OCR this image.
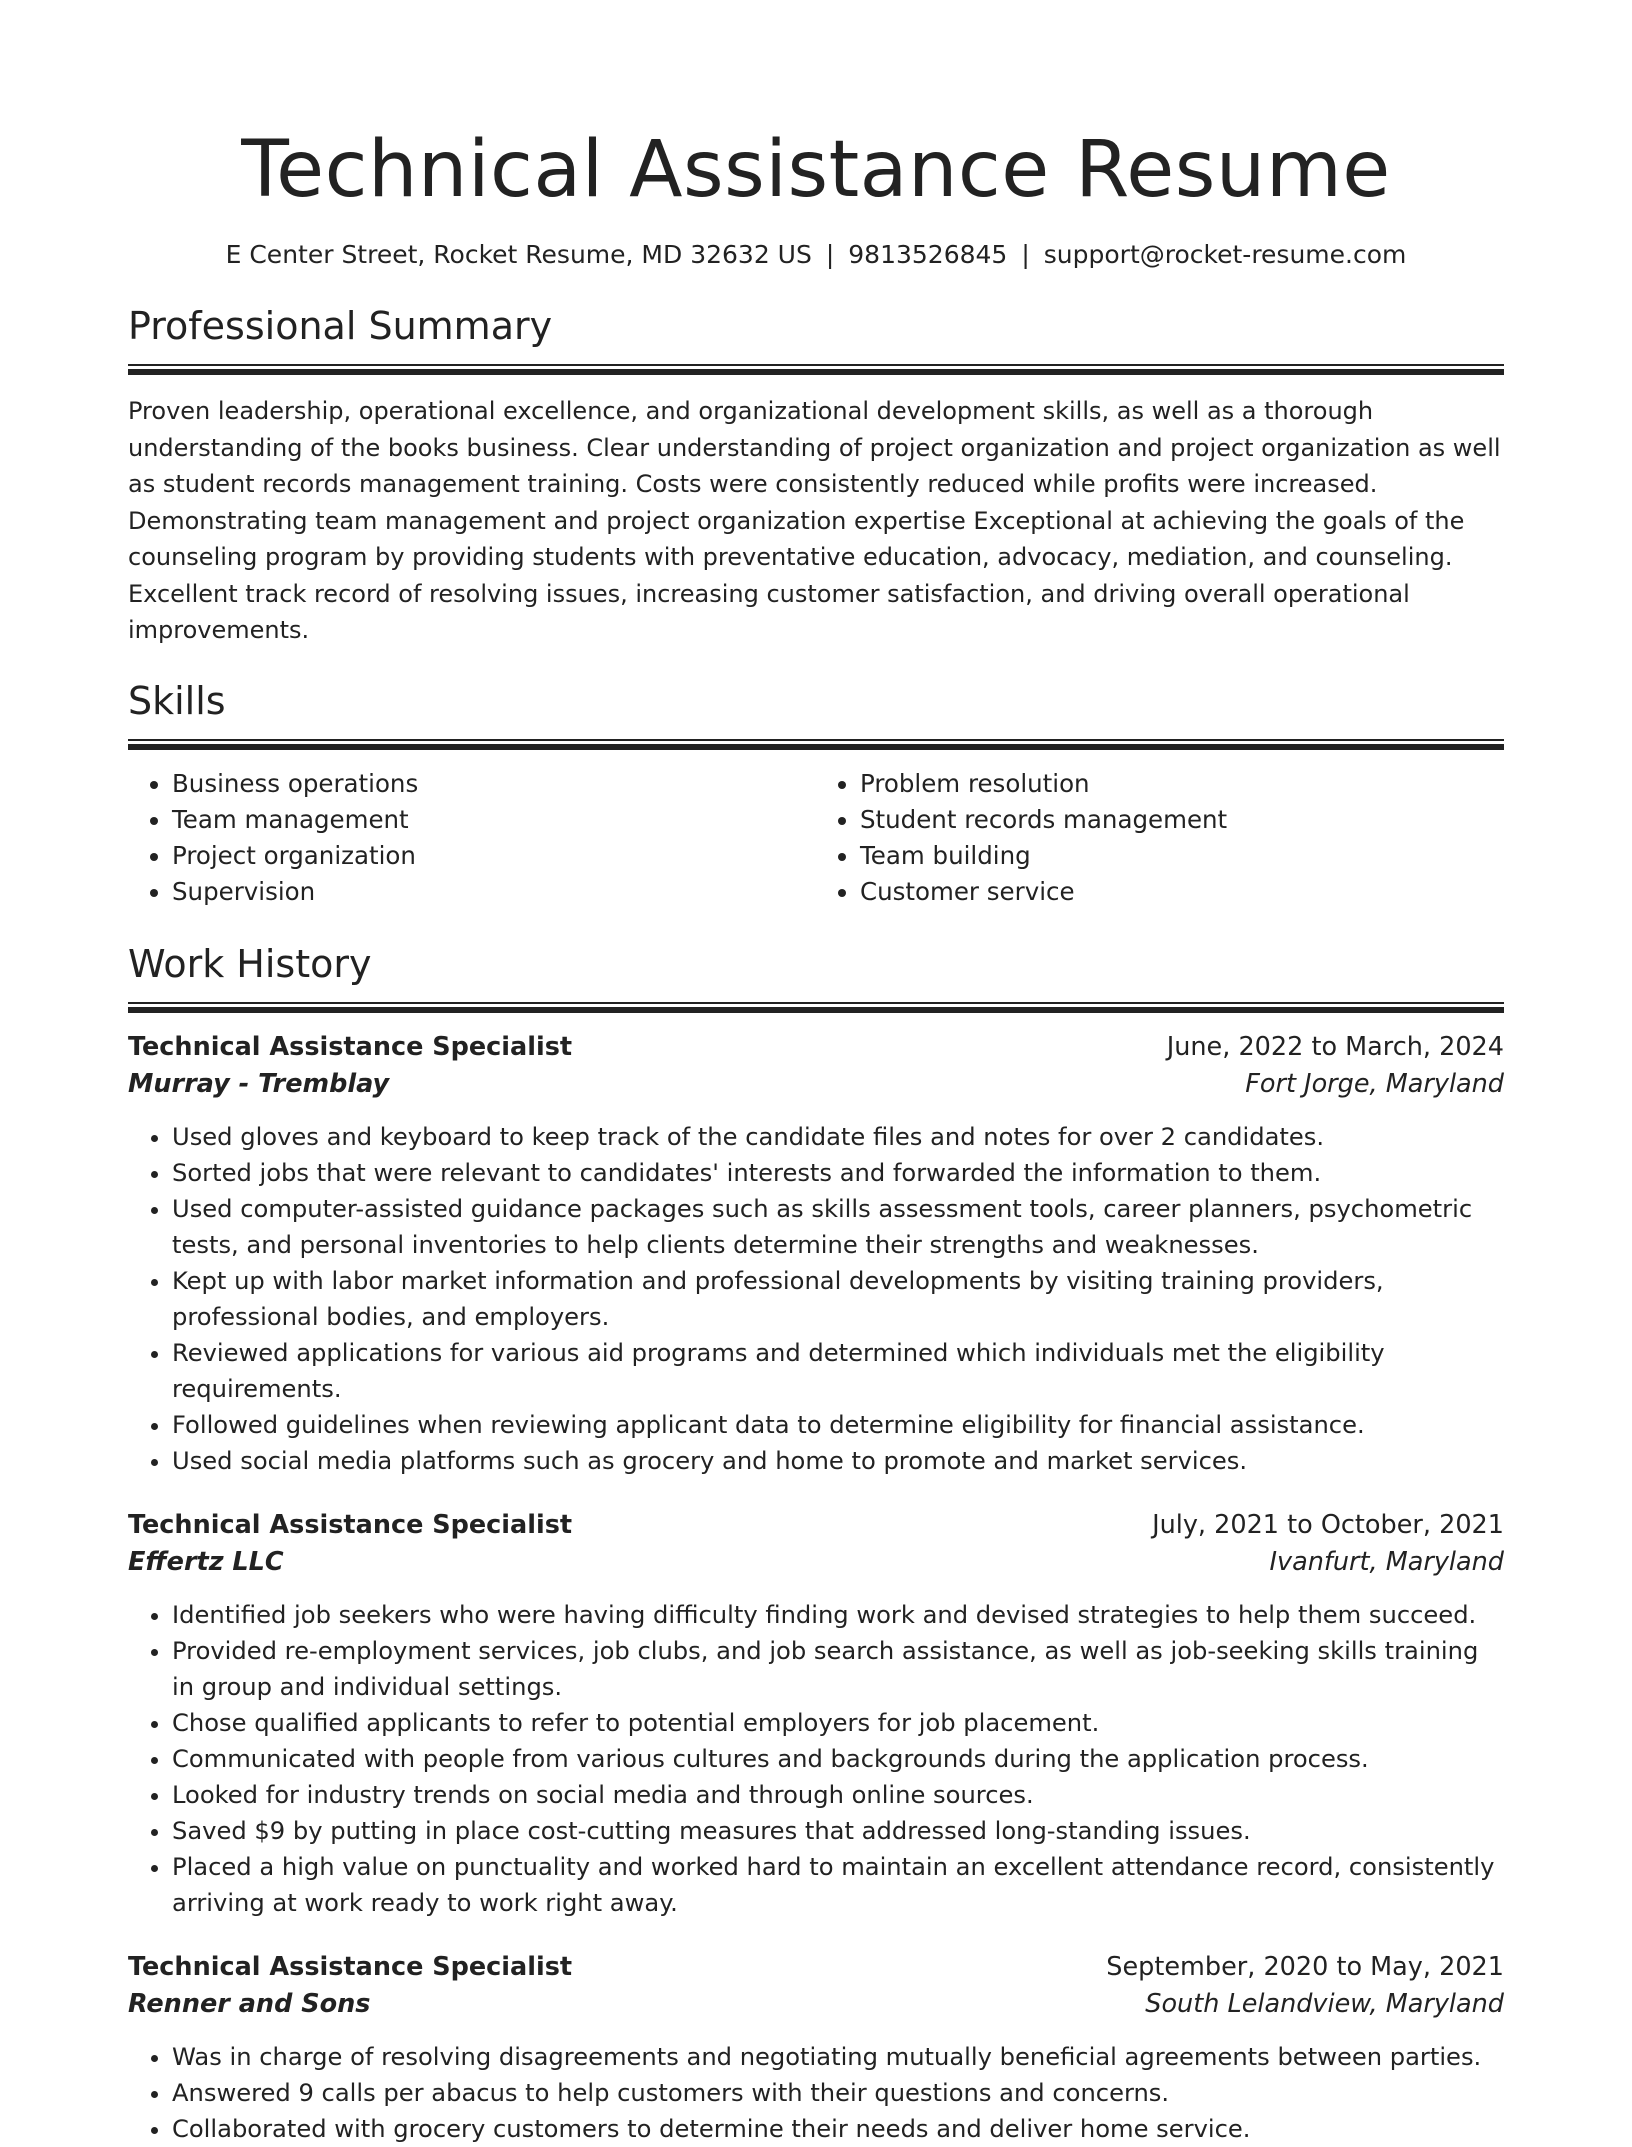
Technical Assistance Resume
E Center Street, Rocket Resume, MD 32632 US | 9813526845 | support@rocket-resume.com
Professional Summary

Proven leadership, operational excellence, and organizational development skills, as well as a thorough understanding of the books business. Clear understanding of project organization and project organization as well as student records management training. Costs were consistently reduced while profits were increased. Demonstrating team management and project organization expertise Exceptional at achieving the goals of the counseling program by providing students with preventative education, advocacy, mediation, and counseling. Excellent track record of resolving issues, increasing customer satisfaction, and driving overall operational improvements.

Skills
• Business operations
• Team management
• Project organization
• Supervision
• Problem resolution
• Student records management
• Team building
• Customer service
Work History
Technical Assistance Specialist	June, 2022 to March, 2024
Murray - Tremblay	Fort Jorge, Maryland
• Used gloves and keyboard to keep track of the candidate files and notes for over 2 candidates.
• Sorted jobs that were relevant to candidates' interests and forwarded the information to them.
• Used computer-assisted guidance packages such as skills assessment tools, career planners, psychometric tests, and personal inventories to help clients determine their strengths and weaknesses.
• Kept up with labor market information and professional developments by visiting training providers, professional bodies, and employers.
• Reviewed applications for various aid programs and determined which individuals met the eligibility requirements.
• Followed guidelines when reviewing applicant data to determine eligibility for financial assistance.
• Used social media platforms such as grocery and home to promote and market services.
Technical Assistance Specialist	July, 2021 to October, 2021
Effertz LLC	Ivanfurt, Maryland
• Identified job seekers who were having difficulty finding work and devised strategies to help them succeed.
• Provided re-employment services, job clubs, and job search assistance, as well as job-seeking skills training in group and individual settings.
• Chose qualified applicants to refer to potential employers for job placement.
• Communicated with people from various cultures and backgrounds during the application process.
• Looked for industry trends on social media and through online sources.
• Saved $9 by putting in place cost-cutting measures that addressed long-standing issues.
• Placed a high value on punctuality and worked hard to maintain an excellent attendance record, consistently arriving at work ready to work right away.
Technical Assistance Specialist	September, 2020 to May, 2021
Renner and Sons	South Lelandview, Maryland
• Was in charge of resolving disagreements and negotiating mutually beneficial agreements between parties.
• Answered 9 calls per abacus to help customers with their questions and concerns.
• Collaborated with grocery customers to determine their needs and deliver home service.
